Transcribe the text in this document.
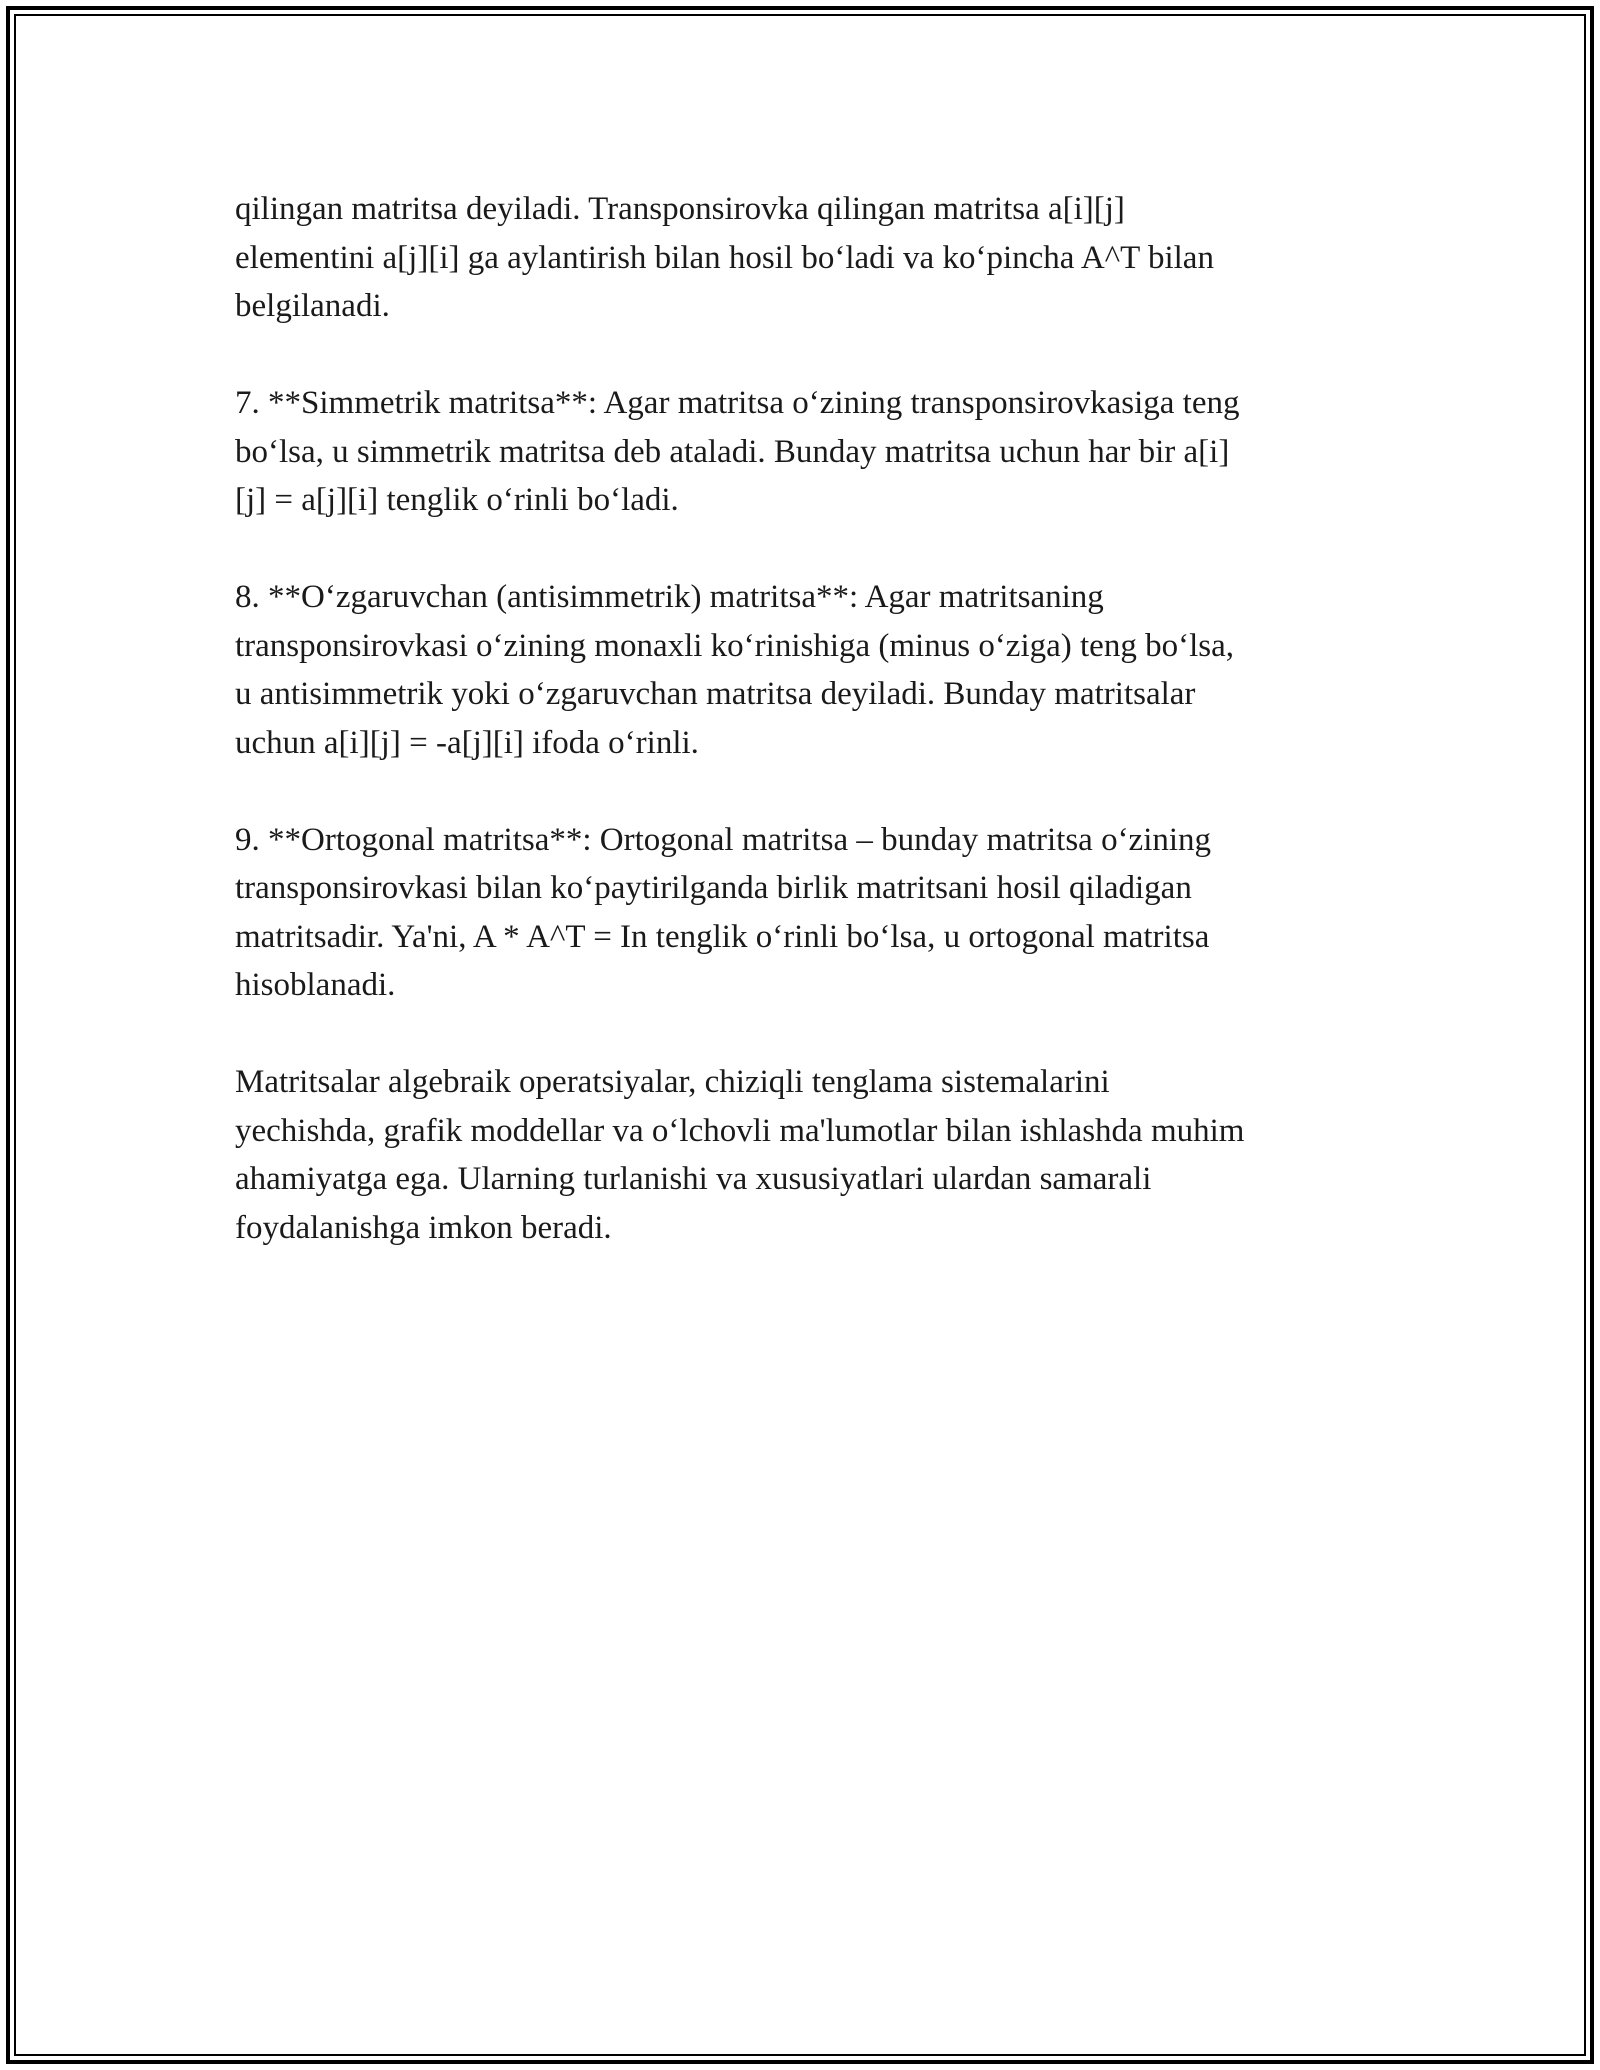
qilingan matritsa deyiladi. Transponsirovka qilingan matritsa a[i][j]
elementini a[j][i] ga aylantirish bilan hosil bo‘ladi va ko‘pincha A^T bilan
belgilanadi.

7. **Simmetrik matritsa**: Agar matritsa o‘zining transponsirovkasiga teng
bo‘lsa, u simmetrik matritsa deb ataladi. Bunday matritsa uchun har bir a[i]
[j] = a[j][i] tenglik o‘rinli bo‘ladi.

8. **O‘zgaruvchan (antisimmetrik) matritsa**: Agar matritsaning
transponsirovkasi o‘zining monaxli ko‘rinishiga (minus o‘ziga) teng bo‘lsa,
u antisimmetrik yoki o‘zgaruvchan matritsa deyiladi. Bunday matritsalar
uchun a[i][j] = -a[j][i] ifoda o‘rinli.

9. **Ortogonal matritsa**: Ortogonal matritsa – bunday matritsa o‘zining
transponsirovkasi bilan ko‘paytirilganda birlik matritsani hosil qiladigan
matritsadir. Ya'ni, A * A^T = In tenglik o‘rinli bo‘lsa, u ortogonal matritsa
hisoblanadi.

Matritsalar algebraik operatsiyalar, chiziqli tenglama sistemalarini
yechishda, grafik moddellar va o‘lchovli ma'lumotlar bilan ishlashda muhim
ahamiyatga ega. Ularning turlanishi va xususiyatlari ulardan samarali
foydalanishga imkon beradi.
